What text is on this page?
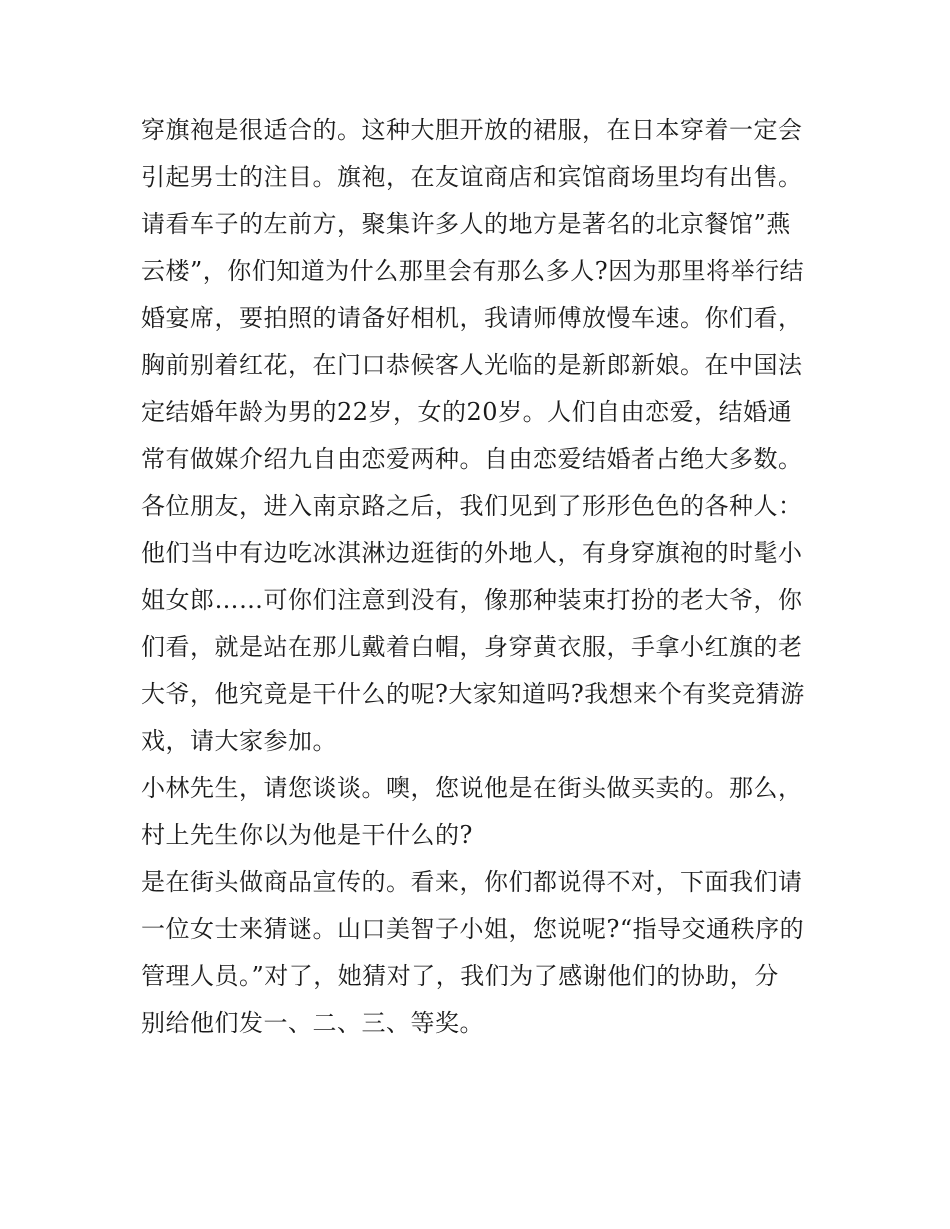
穿旗袍是很适合的。这种大胆开放的裙服，在日本穿着一定会

引起男士的注目。旗袍，在友谊商店和宾馆商场里均有出售。

请看车子的左前方，聚集许多人的地方是著名的北京餐馆”燕

云楼”，你们知道为什么那里会有那么多人?因为那里将举行结

婚宴席，要拍照的请备好相机，我请师傅放慢车速。你们看，

胸前别着红花，在门口恭候客人光临的是新郎新娘。在中国法

定结婚年龄为男的22岁，女的20岁。人们自由恋爱，结婚通

常有做媒介绍九自由恋爱两种。自由恋爱结婚者占绝大多数。

各位朋友，进入南京路之后，我们见到了形形色色的各种人：

他们当中有边吃冰淇淋边逛街的外地人，有身穿旗袍的时髦小

姐女郎……可你们注意到没有，像那种装束打扮的老大爷，你

们看，就是站在那儿戴着白帽，身穿黄衣服，手拿小红旗的老

大爷，他究竟是干什么的呢?大家知道吗?我想来个有奖竞猜游

戏，请大家参加。

小林先生，请您谈谈。噢，您说他是在街头做买卖的。那么，

村上先生你以为他是干什么的?

是在街头做商品宣传的。看来，你们都说得不对，下面我们请

一位女士来猜谜。山口美智子小姐，您说呢?“指导交通秩序的

管理人员。”对了，她猜对了，我们为了感谢他们的协助，分

别给他们发一、二、三、等奖。
